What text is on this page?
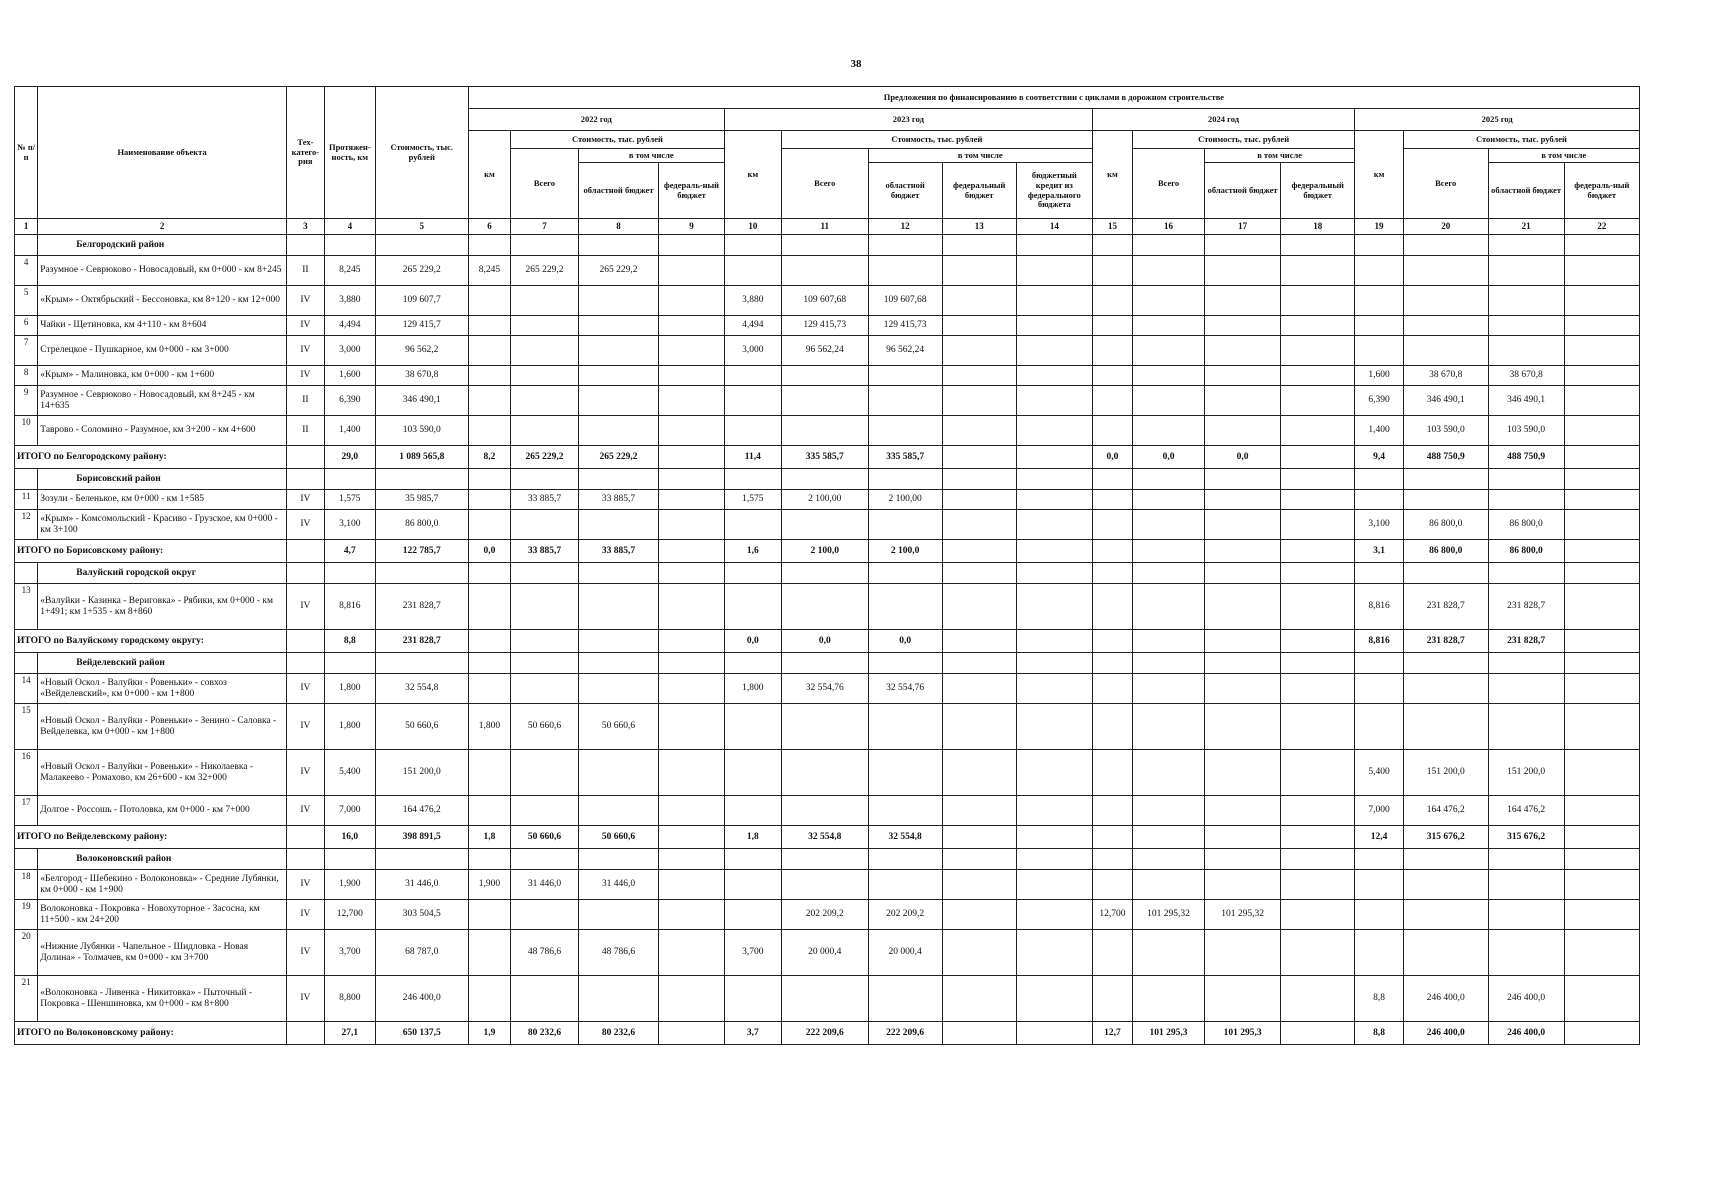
38
№ п/п	Наименование объекта	Тех-катего-рия	Протяжен-ность, км	Стоимость, тыс. рублей	Предложения по финансированию в соответствии с циклами в дорожном строительстве																
					2022 год				2023 год					2024 год				2025 год			
					км	Стоимость, тыс. рублей			км	Стоимость, тыс. рублей				км	Стоимость, тыс. рублей			км	Стоимость, тыс. рублей		
						Всего	в том числе			Всего	в том числе				Всего	в том числе			Всего	в том числе	
							областной бюджет	федераль-ный бюджет			областной бюджет	федеральный бюджет	бюджетный кредит из федерального бюджета			областной бюджет	федеральный бюджет			областной бюджет	федераль-ный бюджет
1	2	3	4	5	6	7	8	9	10	11	12	13	14	15	16	17	18	19	20	21	22
	Белгородский район																				
4	Разумное - Севрюково - Новосадовый, км 0+000 - км 8+245	II	8,245	265 229,2	8,245	265 229,2	265 229,2														
5	«Крым» - Октябрьский - Бессоновка, км 8+120 - км 12+000	IV	3,880	109 607,7					3,880	109 607,68	109 607,68										
6	Чайки - Щетиновка, км 4+110 - км 8+604	IV	4,494	129 415,7					4,494	129 415,73	129 415,73										
7	Стрелецкое - Пушкарное, км 0+000 - км 3+000	IV	3,000	96 562,2					3,000	96 562,24	96 562,24										
8	«Крым» - Малиновка, км 0+000 - км 1+600	IV	1,600	38 670,8														1,600	38 670,8	38 670,8	
9	Разумное - Севрюково - Новосадовый, км 8+245 - км 14+635	II	6,390	346 490,1														6,390	346 490,1	346 490,1	
10	Таврово - Соломино - Разумное, км 3+200 - км 4+600	II	1,400	103 590,0														1,400	103 590,0	103 590,0	
ИТОГО по Белгородскому району:			29,0	1 089 565,8	8,2	265 229,2	265 229,2		11,4	335 585,7	335 585,7			0,0	0,0	0,0		9,4	488 750,9	488 750,9	
	Борисовский район																				
11	Зозули - Беленькое, км 0+000 - км 1+585	IV	1,575	35 985,7		33 885,7	33 885,7		1,575	2 100,00	2 100,00										
12	«Крым» - Комсомольский - Красиво - Грузское, км 0+000 - км 3+100	IV	3,100	86 800,0														3,100	86 800,0	86 800,0	
ИТОГО по Борисовскому району:			4,7	122 785,7	0,0	33 885,7	33 885,7		1,6	2 100,0	2 100,0							3,1	86 800,0	86 800,0	
	Валуйский городской округ																				
13	«Валуйки - Казинка - Вериговка» - Рябики, км 0+000 - км 1+491; км 1+535 - км 8+860	IV	8,816	231 828,7														8,816	231 828,7	231 828,7	
ИТОГО по Валуйскому городскому округу:			8,8	231 828,7					0,0	0,0	0,0							8,816	231 828,7	231 828,7	
	Вейделевский район																				
14	«Новый Оскол - Валуйки - Ровеньки» - совхоз «Вейделевский», км 0+000 - км 1+800	IV	1,800	32 554,8					1,800	32 554,76	32 554,76										
15	«Новый Оскол - Валуйки - Ровеньки» - Зенино - Саловка - Вейделевка, км 0+000 - км 1+800	IV	1,800	50 660,6	1,800	50 660,6	50 660,6														
16	«Новый Оскол - Валуйки - Ровеньки» - Николаевка - Малакеево - Ромахово, км 26+600 - км 32+000	IV	5,400	151 200,0														5,400	151 200,0	151 200,0	
17	Долгое - Россошь - Потоловка, км 0+000 - км 7+000	IV	7,000	164 476,2														7,000	164 476,2	164 476,2	
ИТОГО по Вейделевскому району:			16,0	398 891,5	1,8	50 660,6	50 660,6		1,8	32 554,8	32 554,8							12,4	315 676,2	315 676,2	
	Волоконовский район																				
18	«Белгород - Шебекино - Волоконовка» - Средние Лубянки, км 0+000 - км 1+900	IV	1,900	31 446,0	1,900	31 446,0	31 446,0														
19	Волоконовка - Покровка - Новохуторное - Засосна, км 11+500 - км 24+200	IV	12,700	303 504,5						202 209,2	202 209,2			12,700	101 295,32	101 295,32					
20	«Нижние Лубянки - Чапельное - Шидловка - Новая Долина» - Толмачев, км 0+000 - км 3+700	IV	3,700	68 787,0		48 786,6	48 786,6		3,700	20 000,4	20 000,4										
21	«Волоконовка - Ливенка - Никитовка» - Пыточный - Покровка - Шеншиновка, км 0+000 - км 8+800	IV	8,800	246 400,0														8,8	246 400,0	246 400,0	
ИТОГО по Волоконовскому району:			27,1	650 137,5	1,9	80 232,6	80 232,6		3,7	222 209,6	222 209,6			12,7	101 295,3	101 295,3		8,8	246 400,0	246 400,0	
